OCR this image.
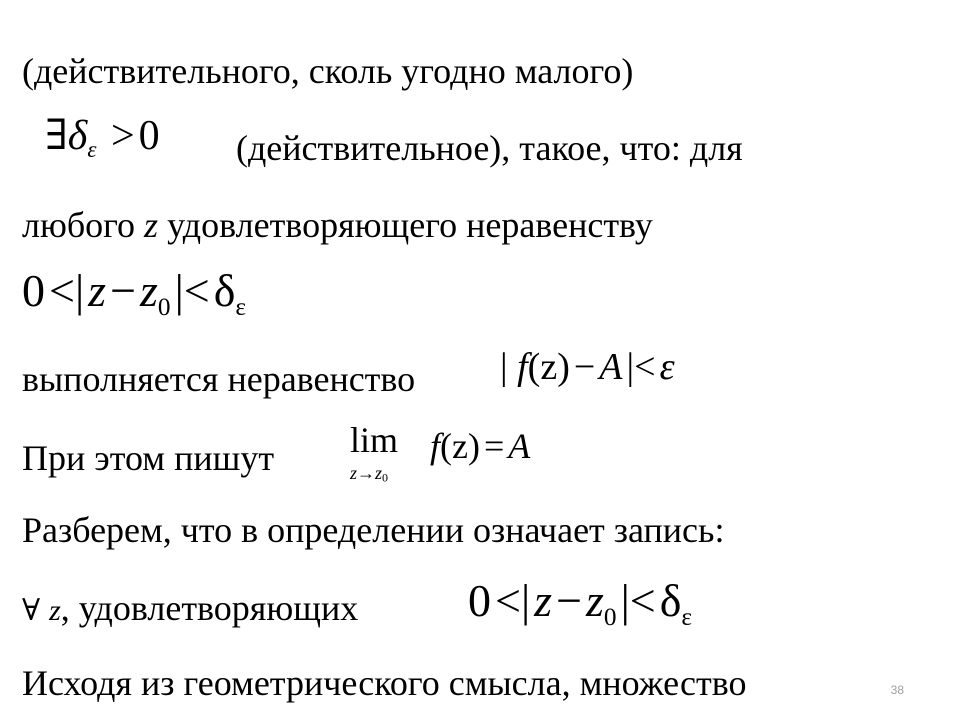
(действительного, сколь угодно малого)
$\exists\delta_\varepsilon >0$ (действительное), такое, что: для
любого z удовлетворяющего неравенству
$0<|z-z_0|<\delta_\varepsilon$
выполняется неравенство | f(z) − A |< ε
При этом пишут lim
z→z0
f(z) = A
Разберем, что в определении означает запись:
∀ z, удовлетворяющих $0<|z-z_0|<\delta_\varepsilon$
Исходя из геометрического смысла, множество	38
